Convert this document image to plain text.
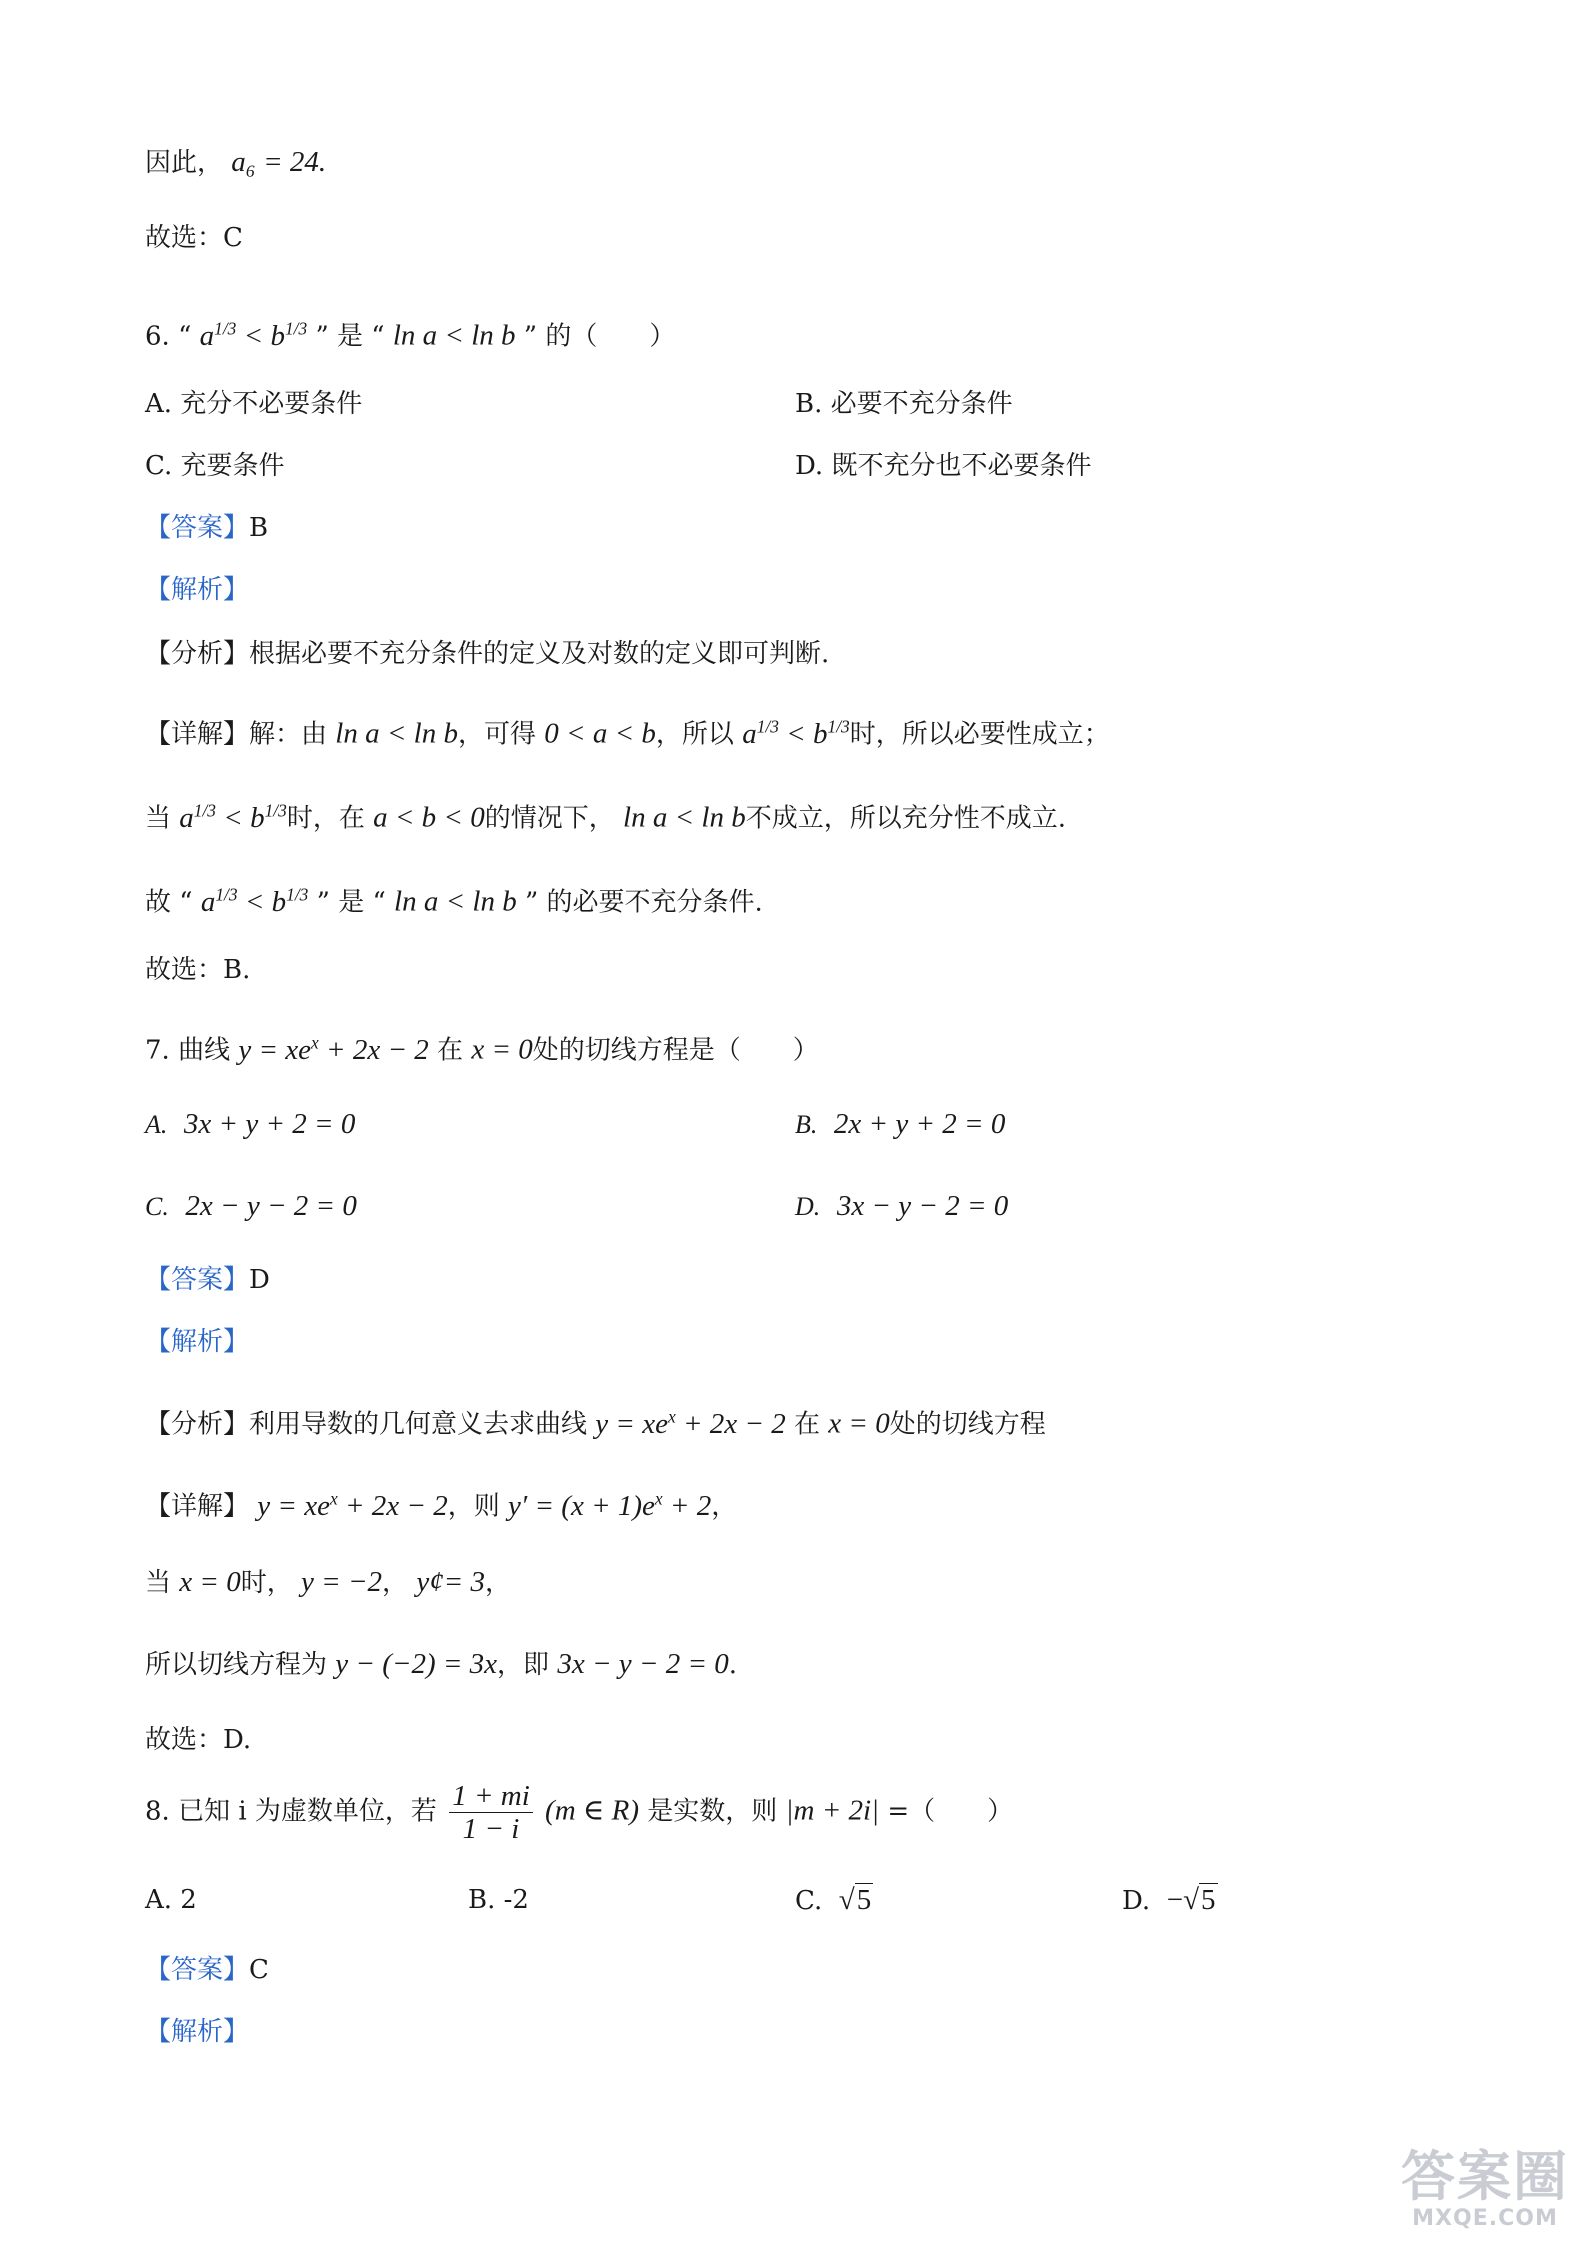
因此， a₆ = 24.
故选：C
6. “ $a^{1/3} < b^{1/3}$ ” 是 “ ln a < ln b ” 的（　　）
A. 充分不必要条件	B. 必要不充分条件
C. 充要条件	D. 既不充分也不必要条件
【答案】B
【解析】
【分析】根据必要不充分条件的定义及对数的定义即可判断.
【详解】解：由 ln a < ln b，可得 0 < a < b，所以 $a^{1/3} < b^{1/3}$时，所以必要性成立；
当 $a^{1/3} < b^{1/3}$时，在 a < b < 0的情况下， ln a < ln b不成立，所以充分性不成立.
故 “ $a^{1/3} < b^{1/3}$ ” 是 “ ln a < ln b ” 的必要不充分条件.
故选：B.
7. 曲线 $y = xe^x + 2x - 2$ 在 x = 0处的切线方程是（　　）
A. 3x + y + 2 = 0	B. 2x + y + 2 = 0
C. 2x − y − 2 = 0	D. 3x − y − 2 = 0
【答案】D
【解析】
【分析】利用导数的几何意义去求曲线 $y = xe^x + 2x - 2$ 在 x = 0处的切线方程
【详解】 $y = xe^x + 2x - 2$，则 $y' = (x + 1)e^x + 2$，
当 x = 0时， y = −2， y¢= 3，
所以切线方程为 y − (−2) = 3x，即 3x − y − 2 = 0.
故选：D.
8. 已知 i 为虚数单位，若 $\frac{1 + mi}{1 - i} (m$ ∈ R) 是实数，则 |m + 2i| =（　　）
A. 2	B. -2	C. √5	D. −√5
【答案】C
【解析】
答案圈
MXQE.COM
